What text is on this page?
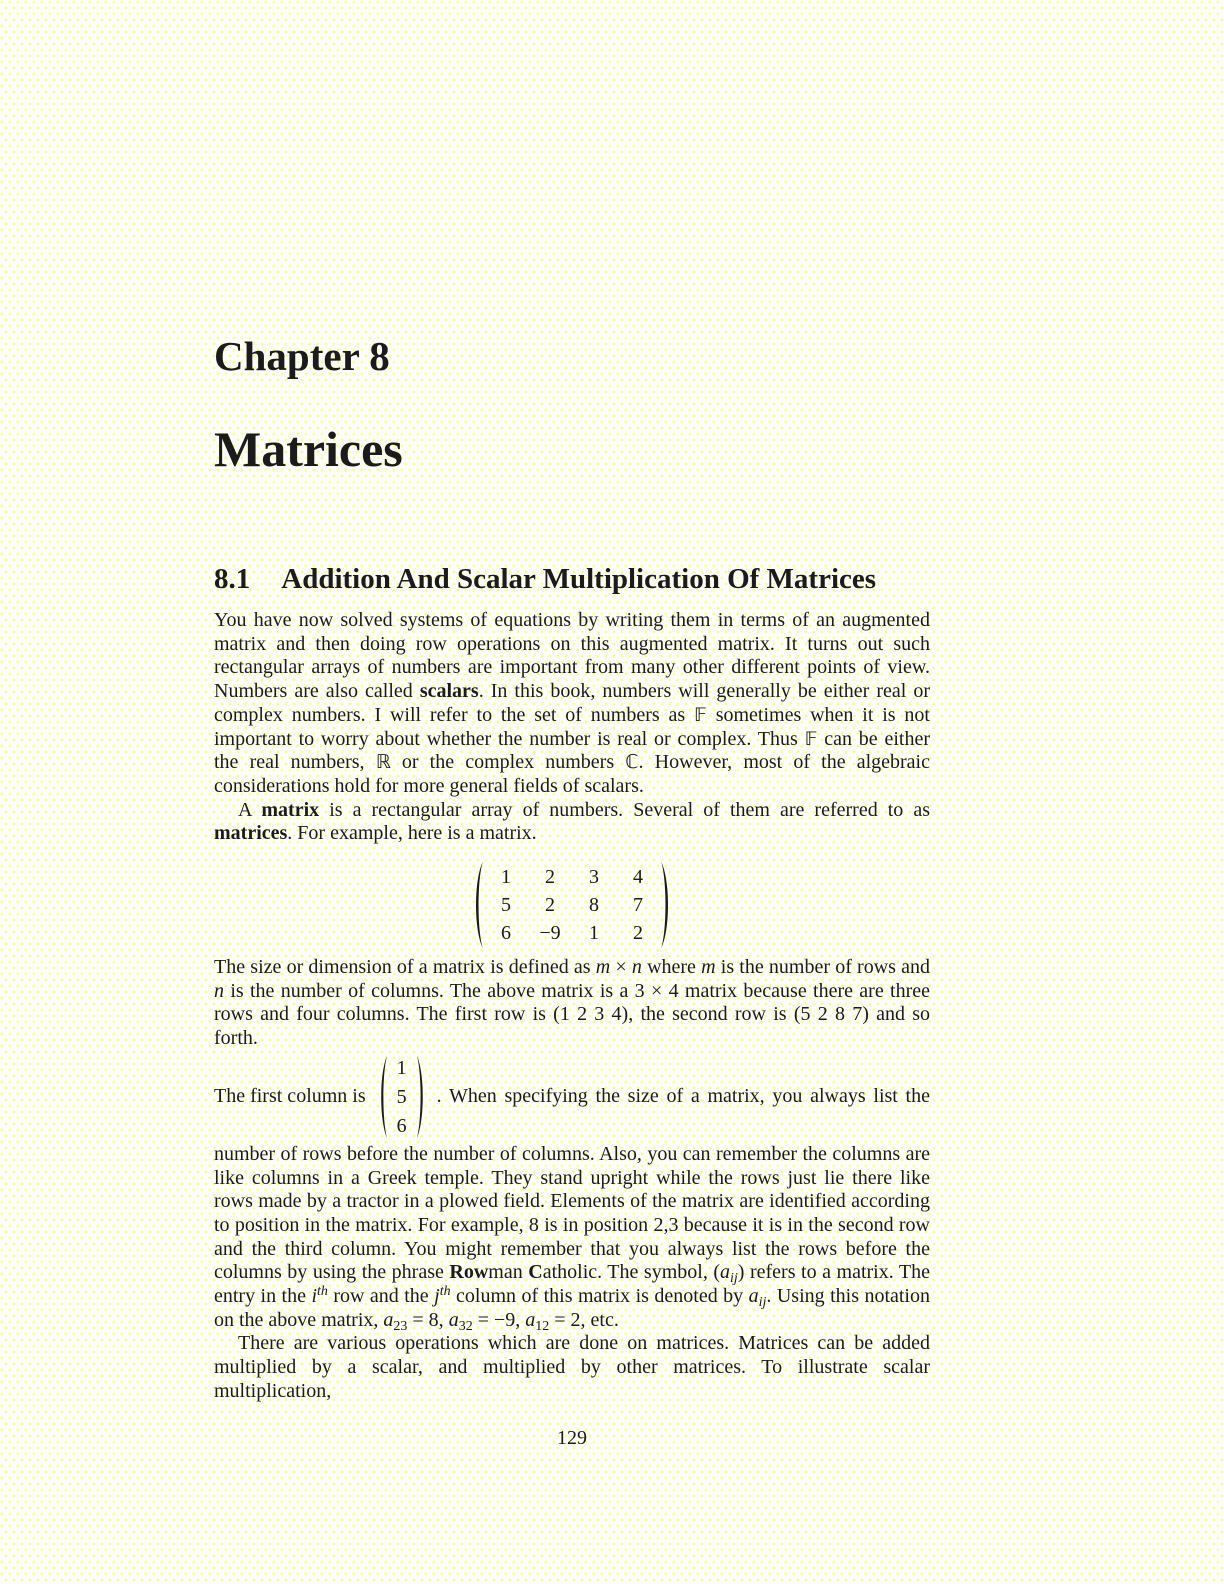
Chapter 8
Matrices
8.1 Addition And Scalar Multiplication Of Matrices

You have now solved systems of equations by writing them in terms of an augmented matrix and then doing row operations on this augmented matrix. It turns out such rectangular arrays of numbers are important from many other different points of view. Numbers are also called scalars. In this book, numbers will generally be either real or complex numbers. I will refer to the set of numbers as 𝔽 sometimes when it is not important to worry about whether the number is real or complex. Thus 𝔽 can be either the real numbers, ℝ or the complex numbers ℂ. However, most of the algebraic considerations hold for more general fields of scalars.

A matrix is a rectangular array of numbers. Several of them are referred to as matrices. For example, here is a matrix.

1	2	3	4
5	2	8	7
6	−9	1	2

The size or dimension of a matrix is defined as m × n where m is the number of rows and n is the number of columns. The above matrix is a 3 × 4 matrix because there are three rows and four columns. The first row is (1 2 3 4), the second row is (5 2 8 7) and so forth.

The first column is
1
5
6
. When specifying the size of a matrix, you always list the

number of rows before the number of columns. Also, you can remember the columns are like columns in a Greek temple. They stand upright while the rows just lie there like rows made by a tractor in a plowed field. Elements of the matrix are identified according to position in the matrix. For example, 8 is in position 2,3 because it is in the second row and the third column. You might remember that you always list the rows before the columns by using the phrase Rowman Catholic. The symbol, $(a_{ij})$ refers to a matrix. The entry in the $i^{th}$ row and the $j^{th}$ column of this matrix is denoted by $a_{ij}$. Using this notation on the above matrix, $a_{23} = 8$, $a_{32} = -9$, $a_{12} = 2$, etc.

There are various operations which are done on matrices. Matrices can be added multiplied by a scalar, and multiplied by other matrices. To illustrate scalar multiplication,

129
